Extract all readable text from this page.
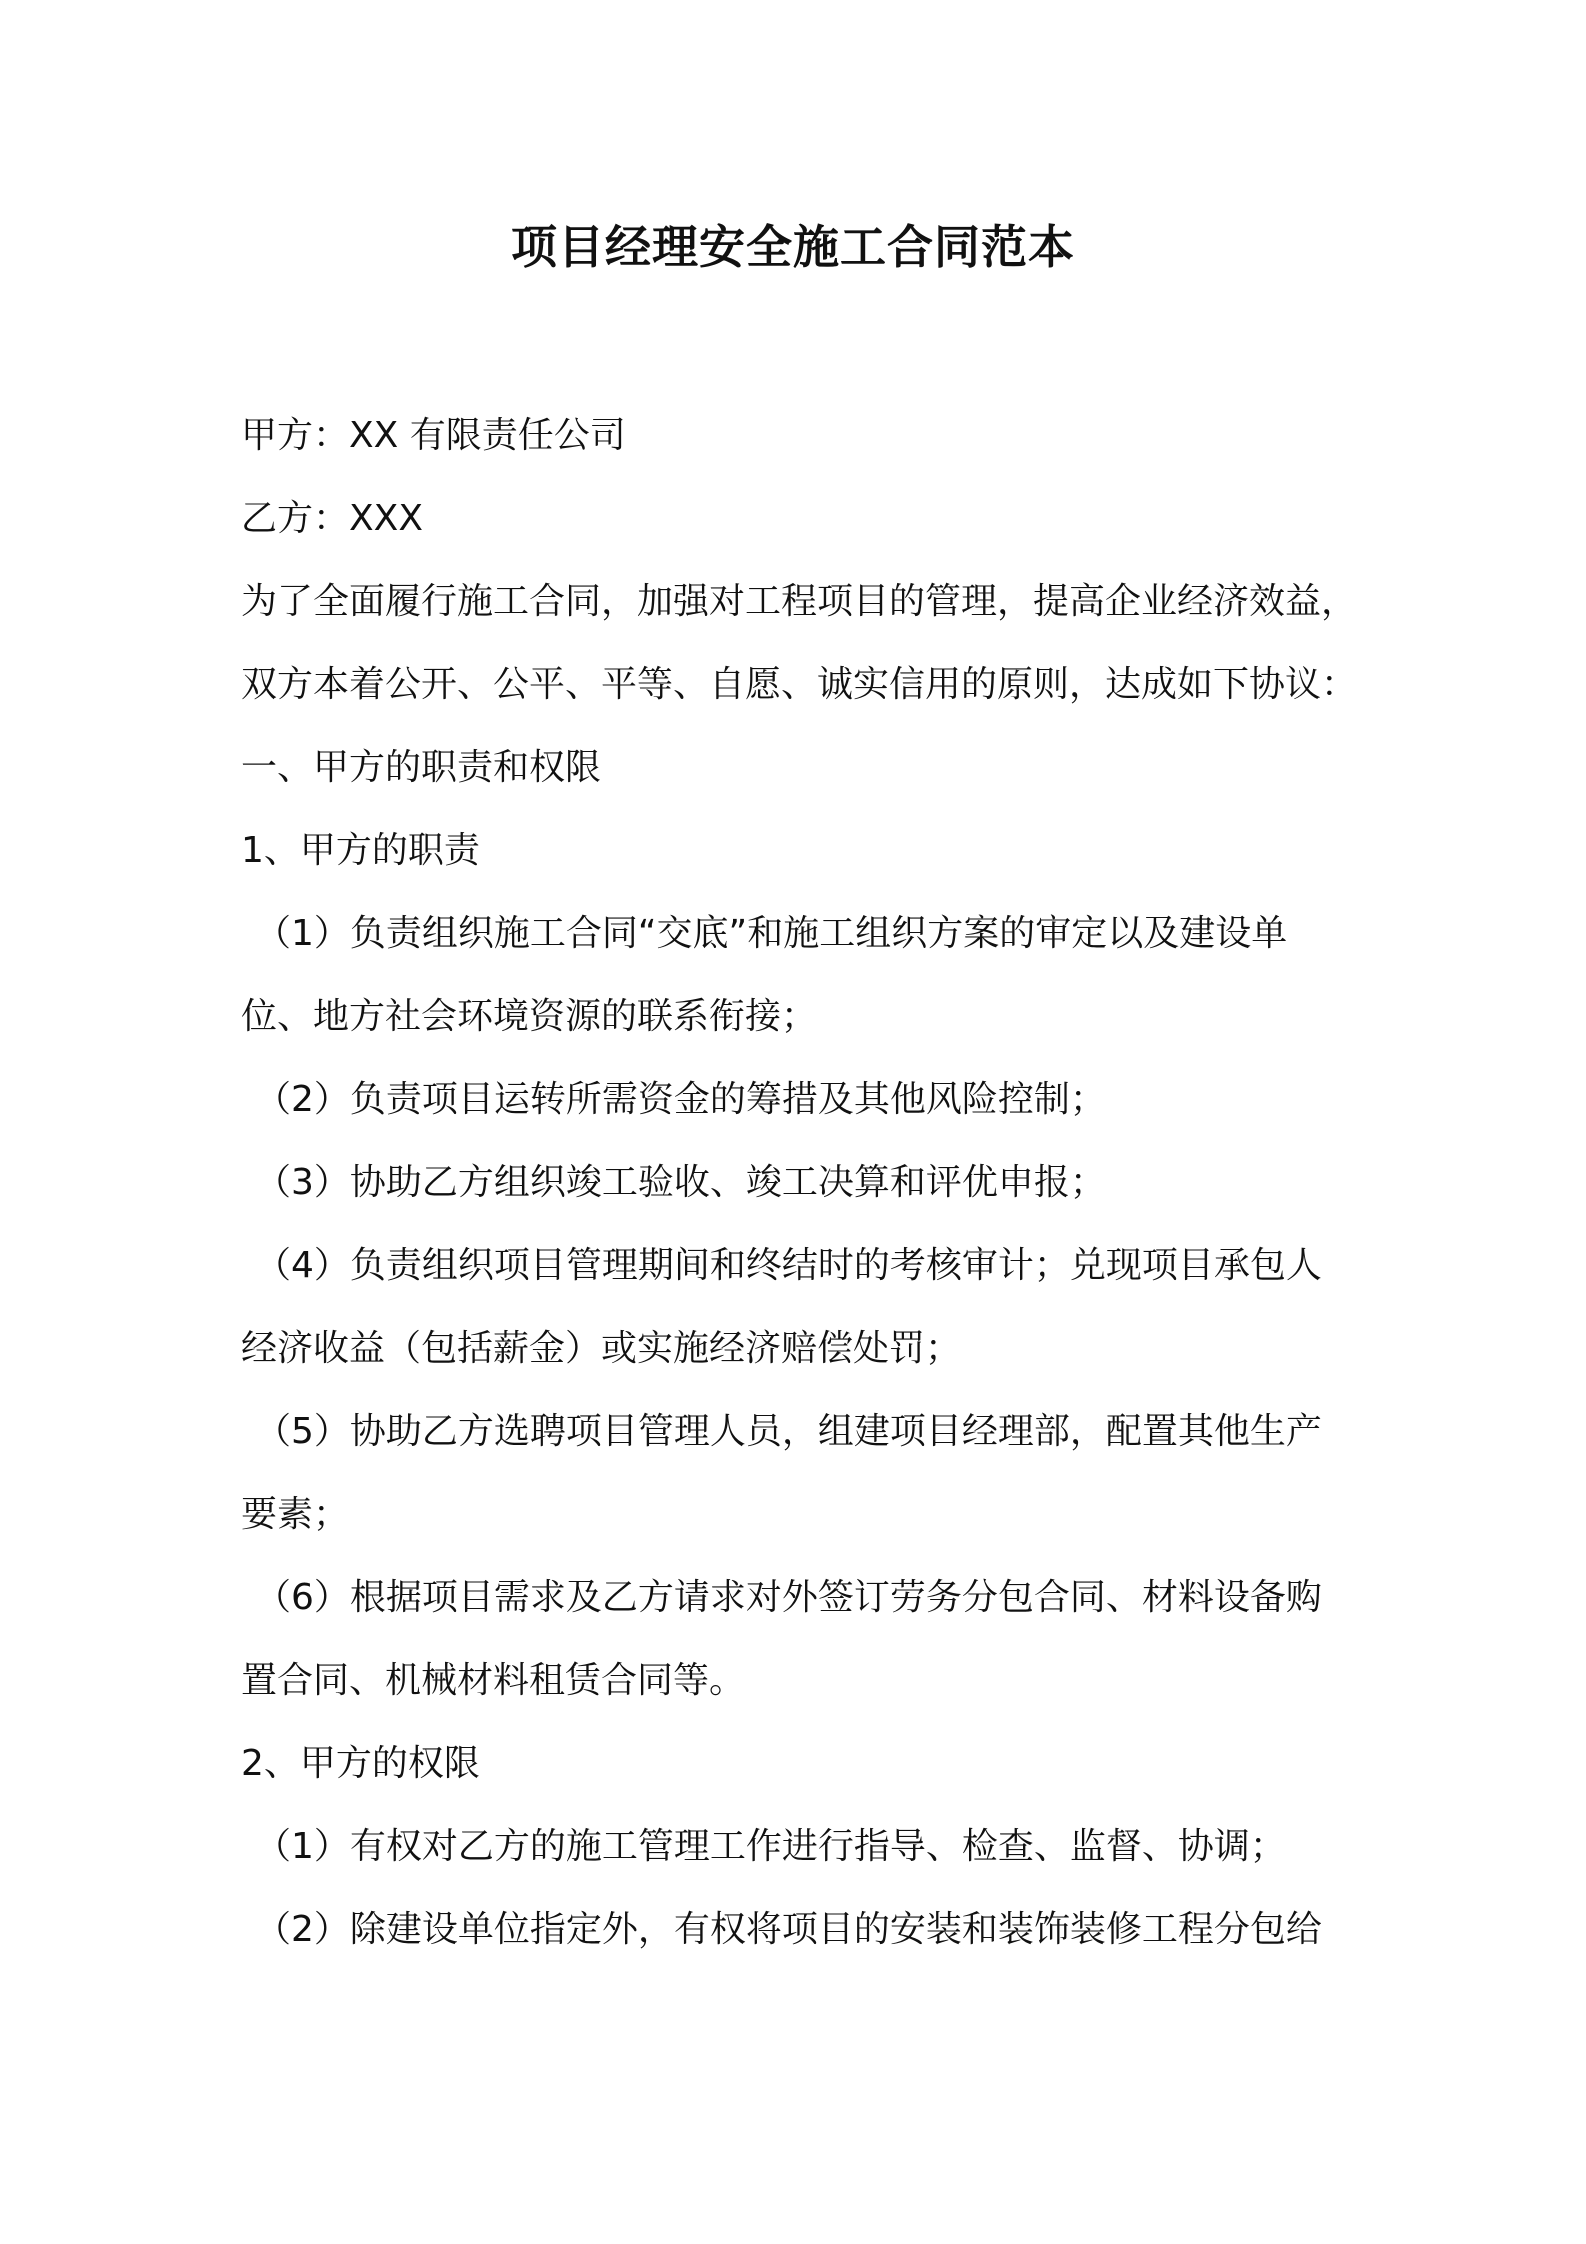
项目经理安全施工合同范本
甲方：XX 有限责任公司
乙方：XXX
为了全面履行施工合同，加强对工程项目的管理，提高企业经济效益，
双方本着公开、公平、平等、自愿、诚实信用的原则，达成如下协议：
一、甲方的职责和权限
1、甲方的职责
（1）负责组织施工合同“交底”和施工组织方案的审定以及建设单
位、地方社会环境资源的联系衔接；
（2）负责项目运转所需资金的筹措及其他风险控制；
（3）协助乙方组织竣工验收、竣工决算和评优申报；
（4）负责组织项目管理期间和终结时的考核审计；兑现项目承包人
经济收益（包括薪金）或实施经济赔偿处罚；
（5）协助乙方选聘项目管理人员，组建项目经理部，配置其他生产
要素；
（6）根据项目需求及乙方请求对外签订劳务分包合同、材料设备购
置合同、机械材料租赁合同等。
2、甲方的权限
（1）有权对乙方的施工管理工作进行指导、检查、监督、协调；
（2）除建设单位指定外，有权将项目的安装和装饰装修工程分包给
